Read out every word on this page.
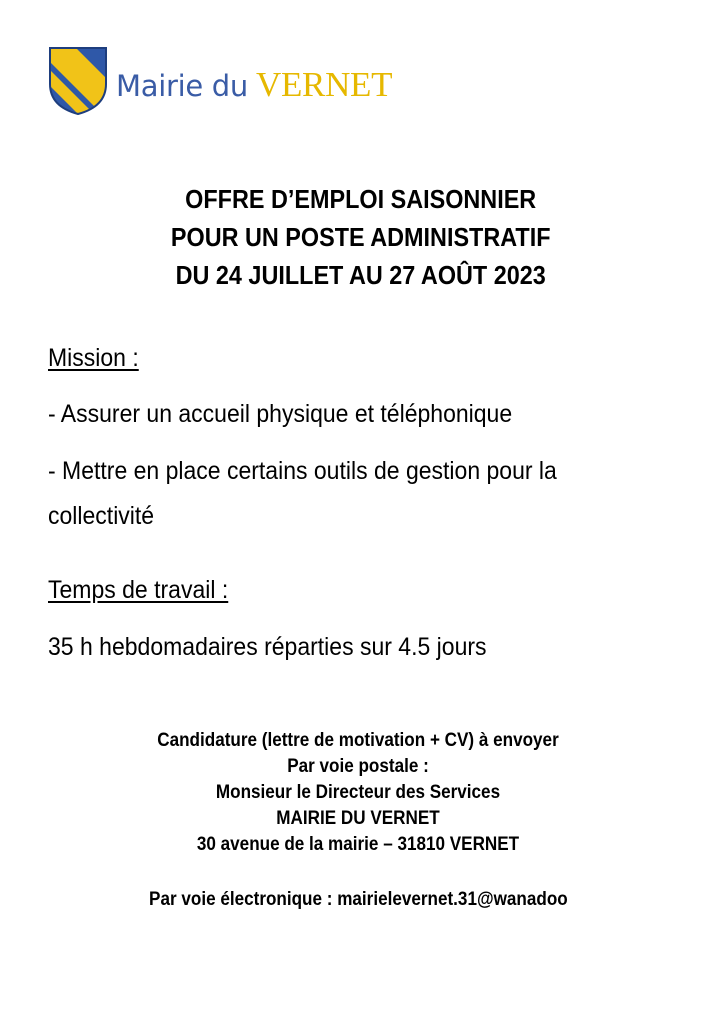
Mairie du VERNET
OFFRE D’EMPLOI SAISONNIER
POUR UN POSTE ADMINISTRATIF
DU 24 JUILLET AU 27 AOÛT 2023
Mission :
- Assurer un accueil physique et téléphonique
- Mettre en place certains outils de gestion pour la
collectivité
Temps de travail :
35 h hebdomadaires réparties sur 4.5 jours
Candidature (lettre de motivation + CV) à envoyer
Par voie postale :
Monsieur le Directeur des Services
MAIRIE DU VERNET
30 avenue de la mairie – 31810 VERNET
Par voie électronique : mairielevernet.31@wanadoo
